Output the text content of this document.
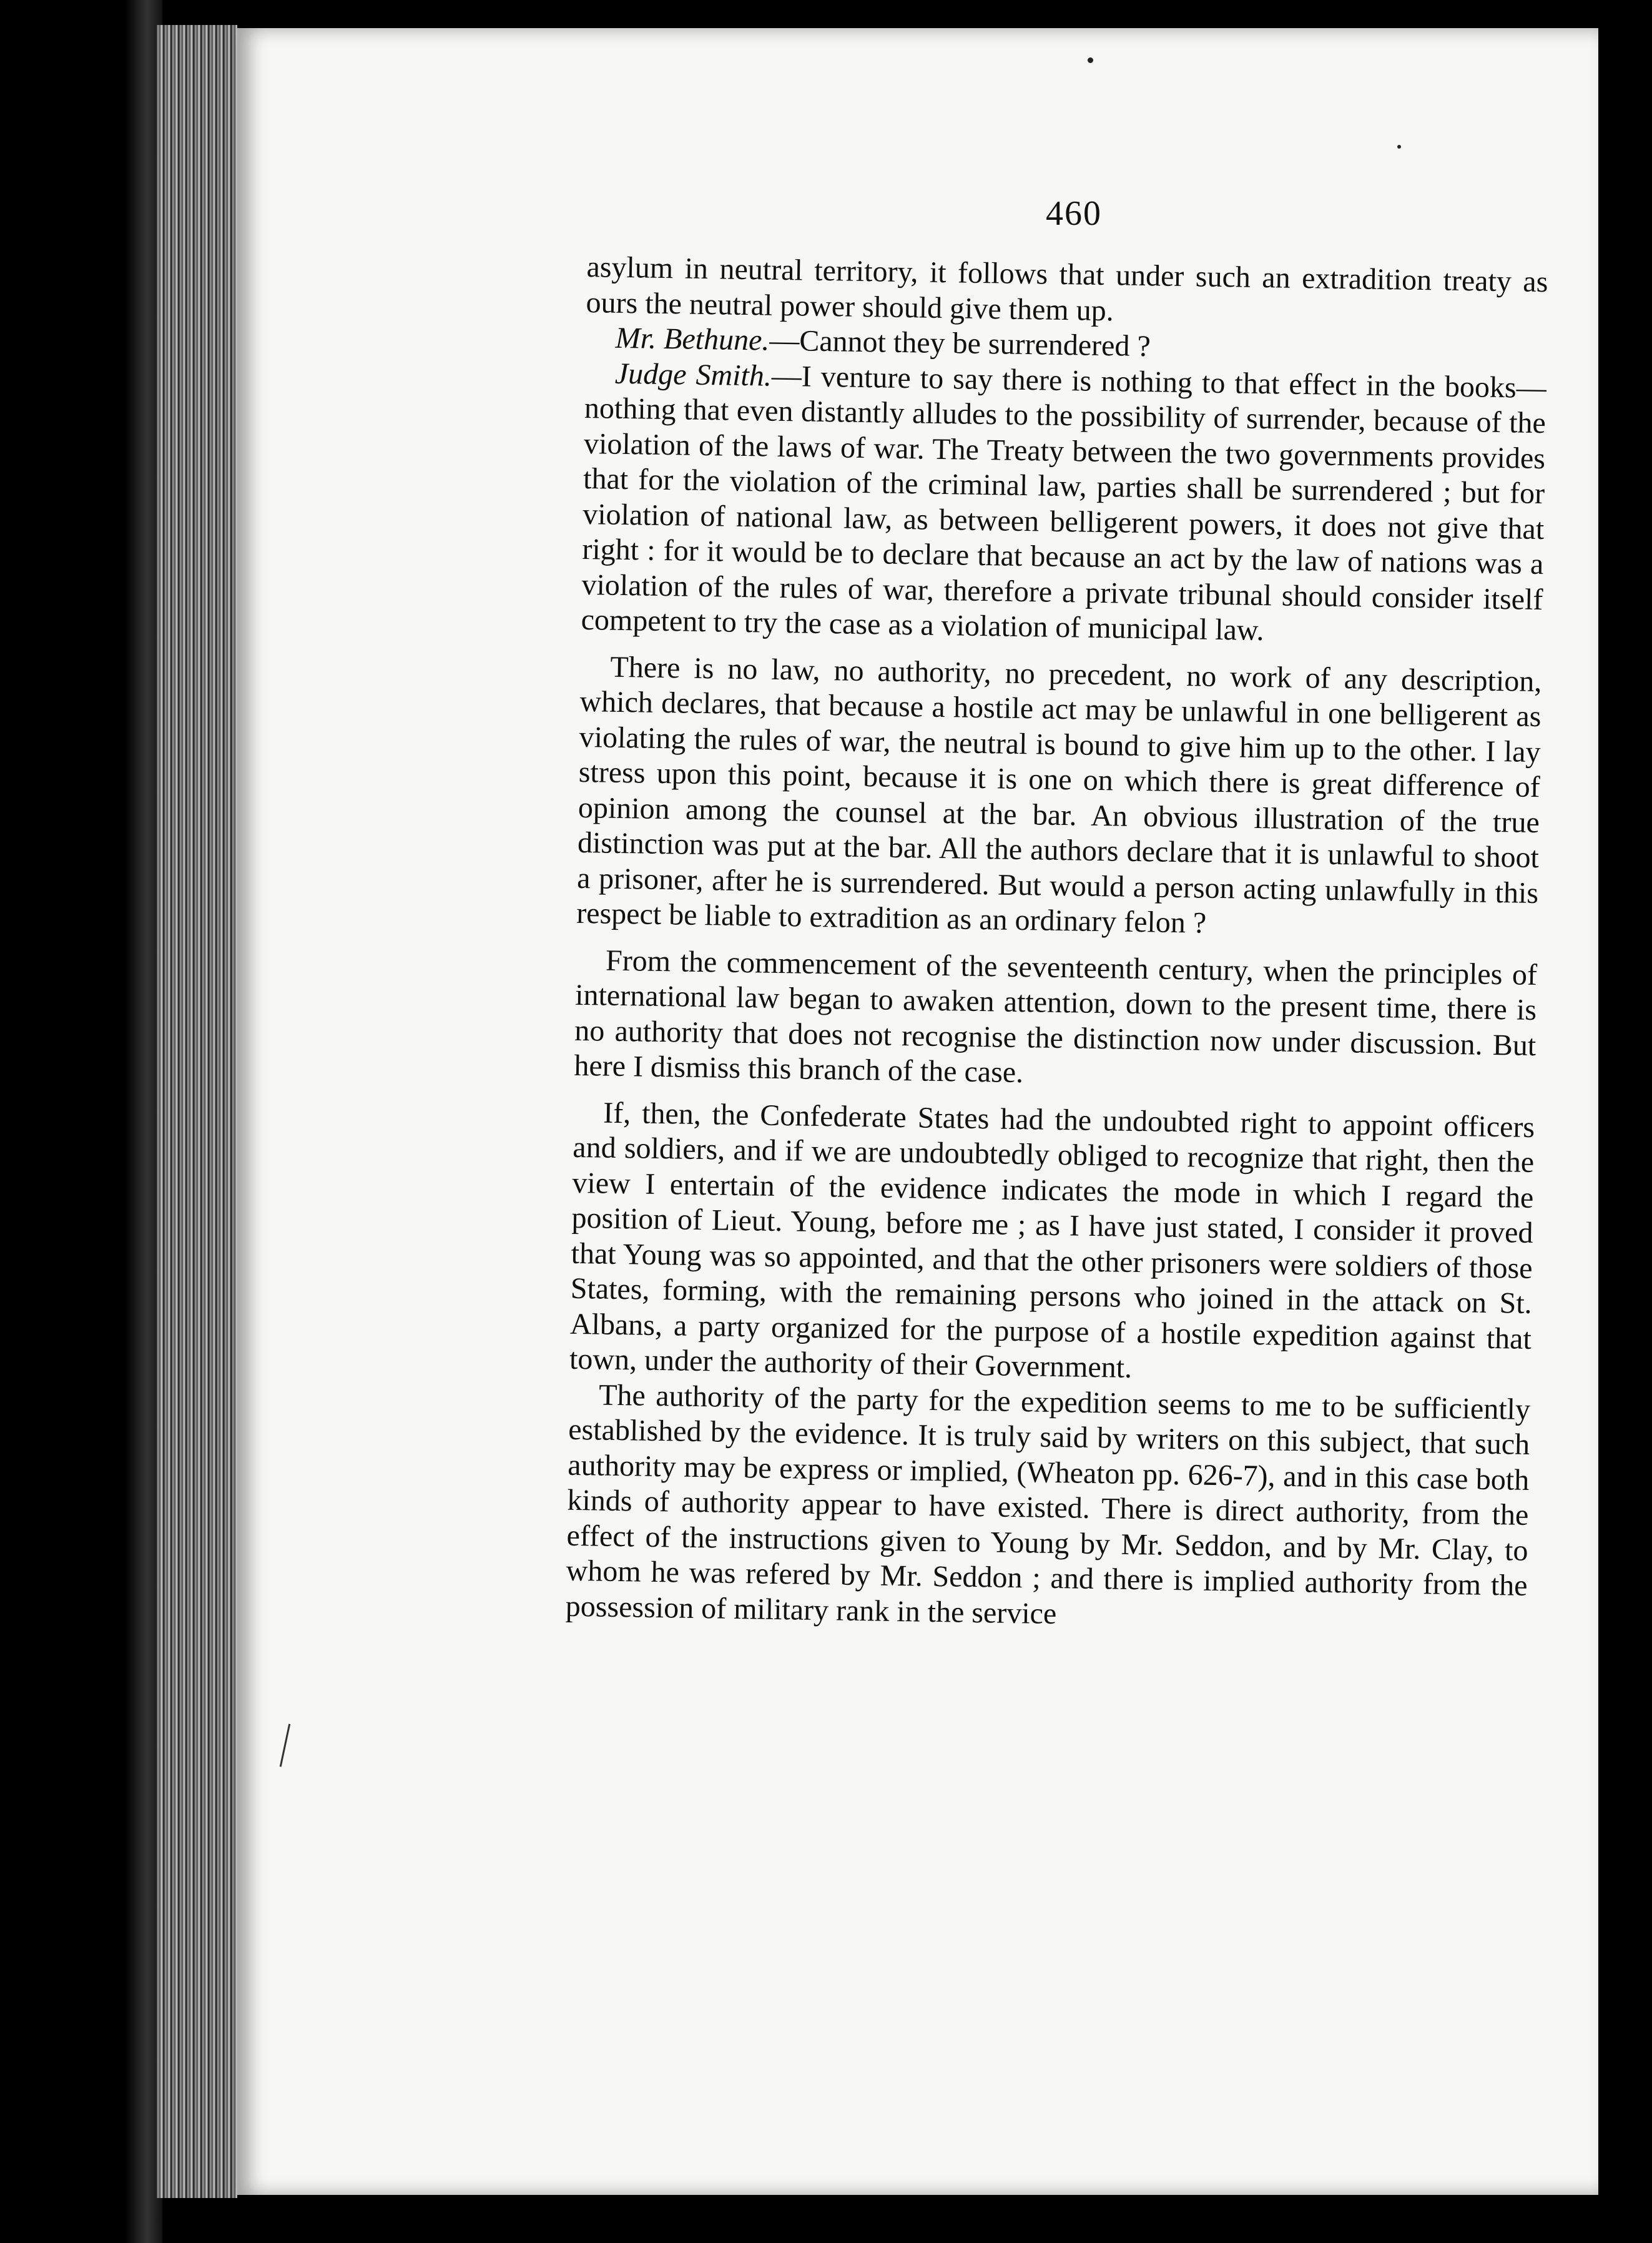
460

asylum in neutral territory, it follows that under such an extradition treaty as ours the neutral power should give them up.

Mr. Bethune.—Cannot they be surrendered ?

Judge Smith.—I venture to say there is nothing to that effect in the books—nothing that even distantly alludes to the possibility of surrender, because of the violation of the laws of war. The Treaty between the two governments provides that for the violation of the criminal law, parties shall be surrendered ; but for violation of national law, as between belligerent powers, it does not give that right : for it would be to declare that because an act by the law of nations was a violation of the rules of war, therefore a private tribunal should consider itself competent to try the case as a violation of municipal law.

There is no law, no authority, no precedent, no work of any description, which declares, that because a hostile act may be unlawful in one belligerent as violating the rules of war, the neutral is bound to give him up to the other. I lay stress upon this point, because it is one on which there is great difference of opinion among the counsel at the bar. An obvious illustration of the true distinction was put at the bar. All the authors declare that it is unlawful to shoot a prisoner, after he is surrendered. But would a person acting unlawfully in this respect be liable to extradition as an ordinary felon ?

From the commencement of the seventeenth century, when the principles of international law began to awaken attention, down to the present time, there is no authority that does not recognise the distinction now under discussion. But here I dismiss this branch of the case.

If, then, the Confederate States had the undoubted right to appoint officers and soldiers, and if we are undoubtedly obliged to recognize that right, then the view I entertain of the evidence indicates the mode in which I regard the position of Lieut. Young, before me ; as I have just stated, I consider it proved that Young was so appointed, and that the other prisoners were soldiers of those States, forming, with the remaining persons who joined in the attack on St. Albans, a party organized for the purpose of a hostile expedition against that town, under the authority of their Government.

The authority of the party for the expedition seems to me to be sufficiently established by the evidence. It is truly said by writers on this subject, that such authority may be express or implied, (Wheaton pp. 626-7), and in this case both kinds of authority appear to have existed. There is direct authority, from the effect of the instructions given to Young by Mr. Seddon, and by Mr. Clay, to whom he was refered by Mr. Seddon ; and there is implied authority from the possession of military rank in the service
